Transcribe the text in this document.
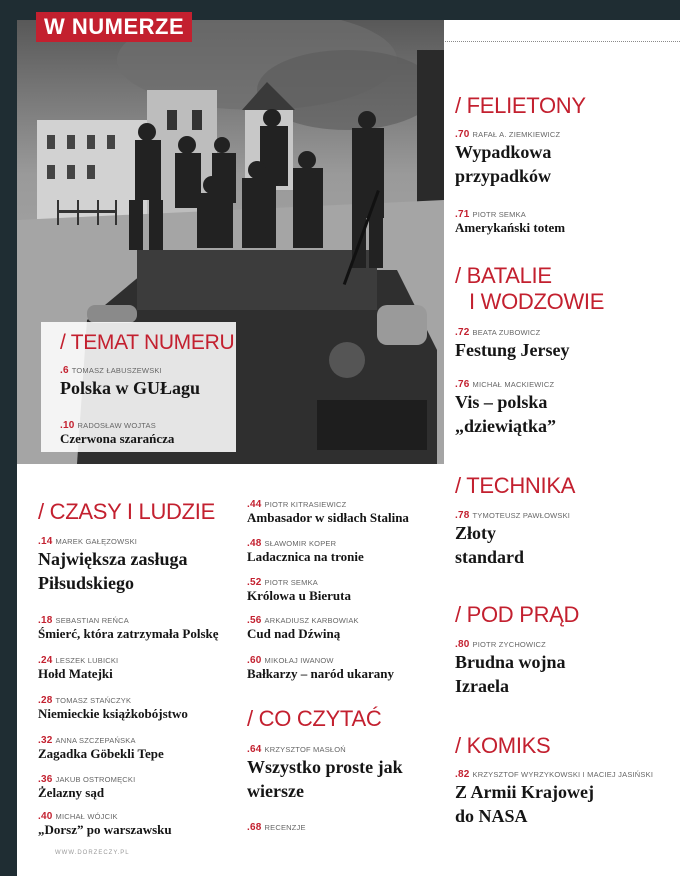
W NUMERZE
/ TEMAT NUMERU
.6 TOMASZ ŁABUSZEWSKI
Polska w GUŁagu
.10 RADOSŁAW WOJTAS
Czerwona szarańcza
/ CZASY I LUDZIE
.14 MAREK GAŁĘZOWSKI
Największa zasługa
Piłsudskiego
.18 SEBASTIAN REŃCA
Śmierć, która zatrzymała Polskę
.24 LESZEK LUBICKI
Hołd Matejki
.28 TOMASZ STAŃCZYK
Niemieckie książkobójstwo
.32 ANNA SZCZEPAŃSKA
Zagadka Göbekli Tepe
.36 JAKUB OSTROMĘCKI
Żelazny sąd
.40 MICHAŁ WÓJCIK
„Dorsz” po warszawsku
.44 PIOTR KITRASIEWICZ
Ambasador w sidłach Stalina
.48 SŁAWOMIR KOPER
Ladacznica na tronie
.52 PIOTR SEMKA
Królowa u Bieruta
.56 ARKADIUSZ KARBOWIAK
Cud nad Dźwiną
.60 MIKOŁAJ IWANOW
Bałkarzy – naród ukarany
/ CO CZYTAĆ
.64 KRZYSZTOF MASŁOŃ
Wszystko proste jak
wiersze
.68 RECENZJE
/ FELIETONY
.70 RAFAŁ A. ZIEMKIEWICZ
Wypadkowa
przypadków
.71 PIOTR SEMKA
Amerykański totem
/ BATALIE
I WODZOWIE
.72 BEATA ZUBOWICZ
Festung Jersey
.76 MICHAŁ MACKIEWICZ
Vis – polska
„dziewiątka”
/ TECHNIKA
.78 TYMOTEUSZ PAWŁOWSKI
Złoty
standard
/ POD PRĄD
.80 PIOTR ZYCHOWICZ
Brudna wojna
Izraela
/ KOMIKS
.82 KRZYSZTOF WYRZYKOWSKI I MACIEJ JASIŃSKI
Z Armii Krajowej
do NASA
WWW.DORZECZY.PL
